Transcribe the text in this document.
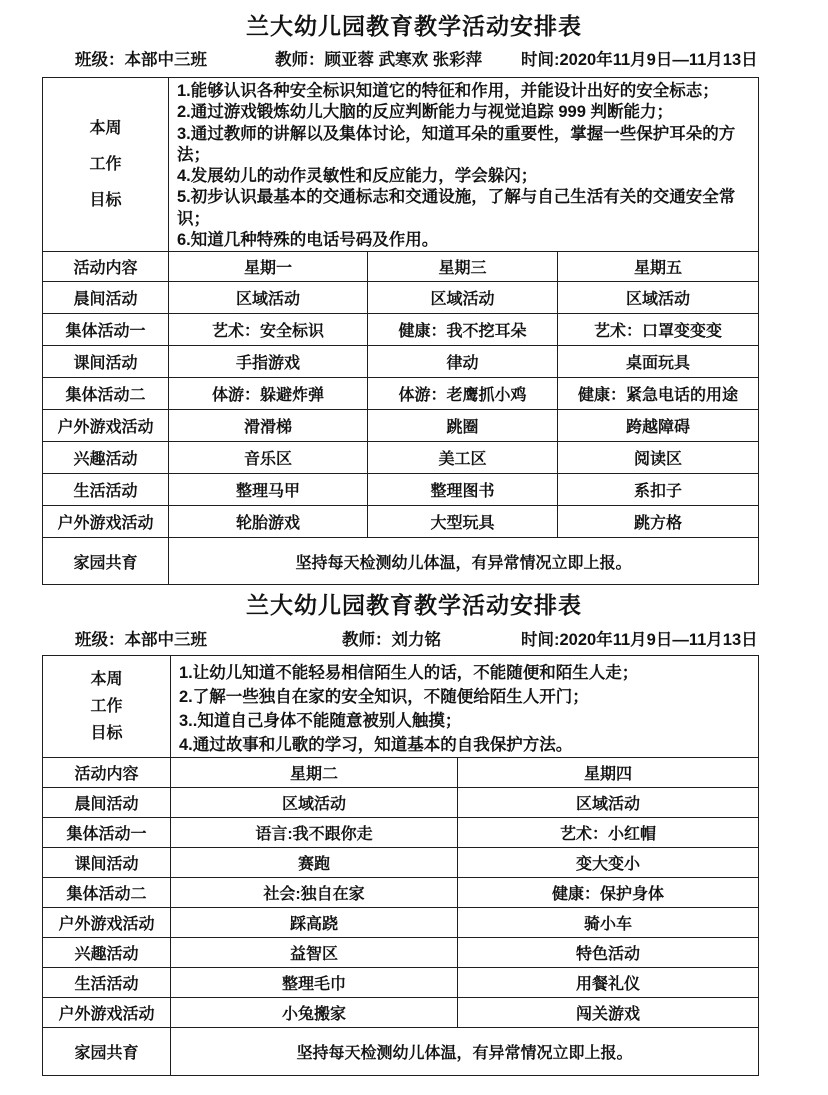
兰大幼儿园教育教学活动安排表
班级：本部中三班	教师：顾亚蓉 武寒欢 张彩萍 时间:2020年11月9日—11月13日
本周
工作
目标

1.能够认识各种安全标识知道它的特征和作用，并能设计出好的安全标志；
2.通过游戏锻炼幼儿大脑的反应判断能力与视觉追踪 999 判断能力；
3.通过教师的讲解以及集体讨论，知道耳朵的重要性，掌握一些保护耳朵的方法；
4.发展幼儿的动作灵敏性和反应能力，学会躲闪；
5.初步认识最基本的交通标志和交通设施，了解与自己生活有关的交通安全常识；
6.知道几种特殊的电话号码及作用。

活动内容	星期一	星期三	星期五
晨间活动	区域活动	区域活动	区域活动
集体活动一	艺术：安全标识	健康：我不挖耳朵	艺术：口罩变变变
课间活动	手指游戏	律动	桌面玩具
集体活动二	体游：躲避炸弹	体游：老鹰抓小鸡	健康：紧急电话的用途
户外游戏活动	滑滑梯	跳圈	跨越障碍
兴趣活动	音乐区	美工区	阅读区
生活活动	整理马甲	整理图书	系扣子
户外游戏活动	轮胎游戏	大型玩具	跳方格
家园共育	坚持每天检测幼儿体温，有异常情况立即上报。		
兰大幼儿园教育教学活动安排表
班级：本部中三班	教师：刘力铭	时间:2020年11月9日—11月13日
本周
工作
目标

1.让幼儿知道不能轻易相信陌生人的话，不能随便和陌生人走；
2.了解一些独自在家的安全知识，不随便给陌生人开门；
3..知道自己身体不能随意被别人触摸；
4.通过故事和儿歌的学习，知道基本的自我保护方法。

活动内容	星期二	星期四
晨间活动	区域活动	区域活动
集体活动一	语言:我不跟你走	艺术：小红帽
课间活动	赛跑	变大变小
集体活动二	社会:独自在家	健康：保护身体
户外游戏活动	踩高跷	骑小车
兴趣活动	益智区	特色活动
生活活动	整理毛巾	用餐礼仪
户外游戏活动	小兔搬家	闯关游戏
家园共育	坚持每天检测幼儿体温，有异常情况立即上报。	
